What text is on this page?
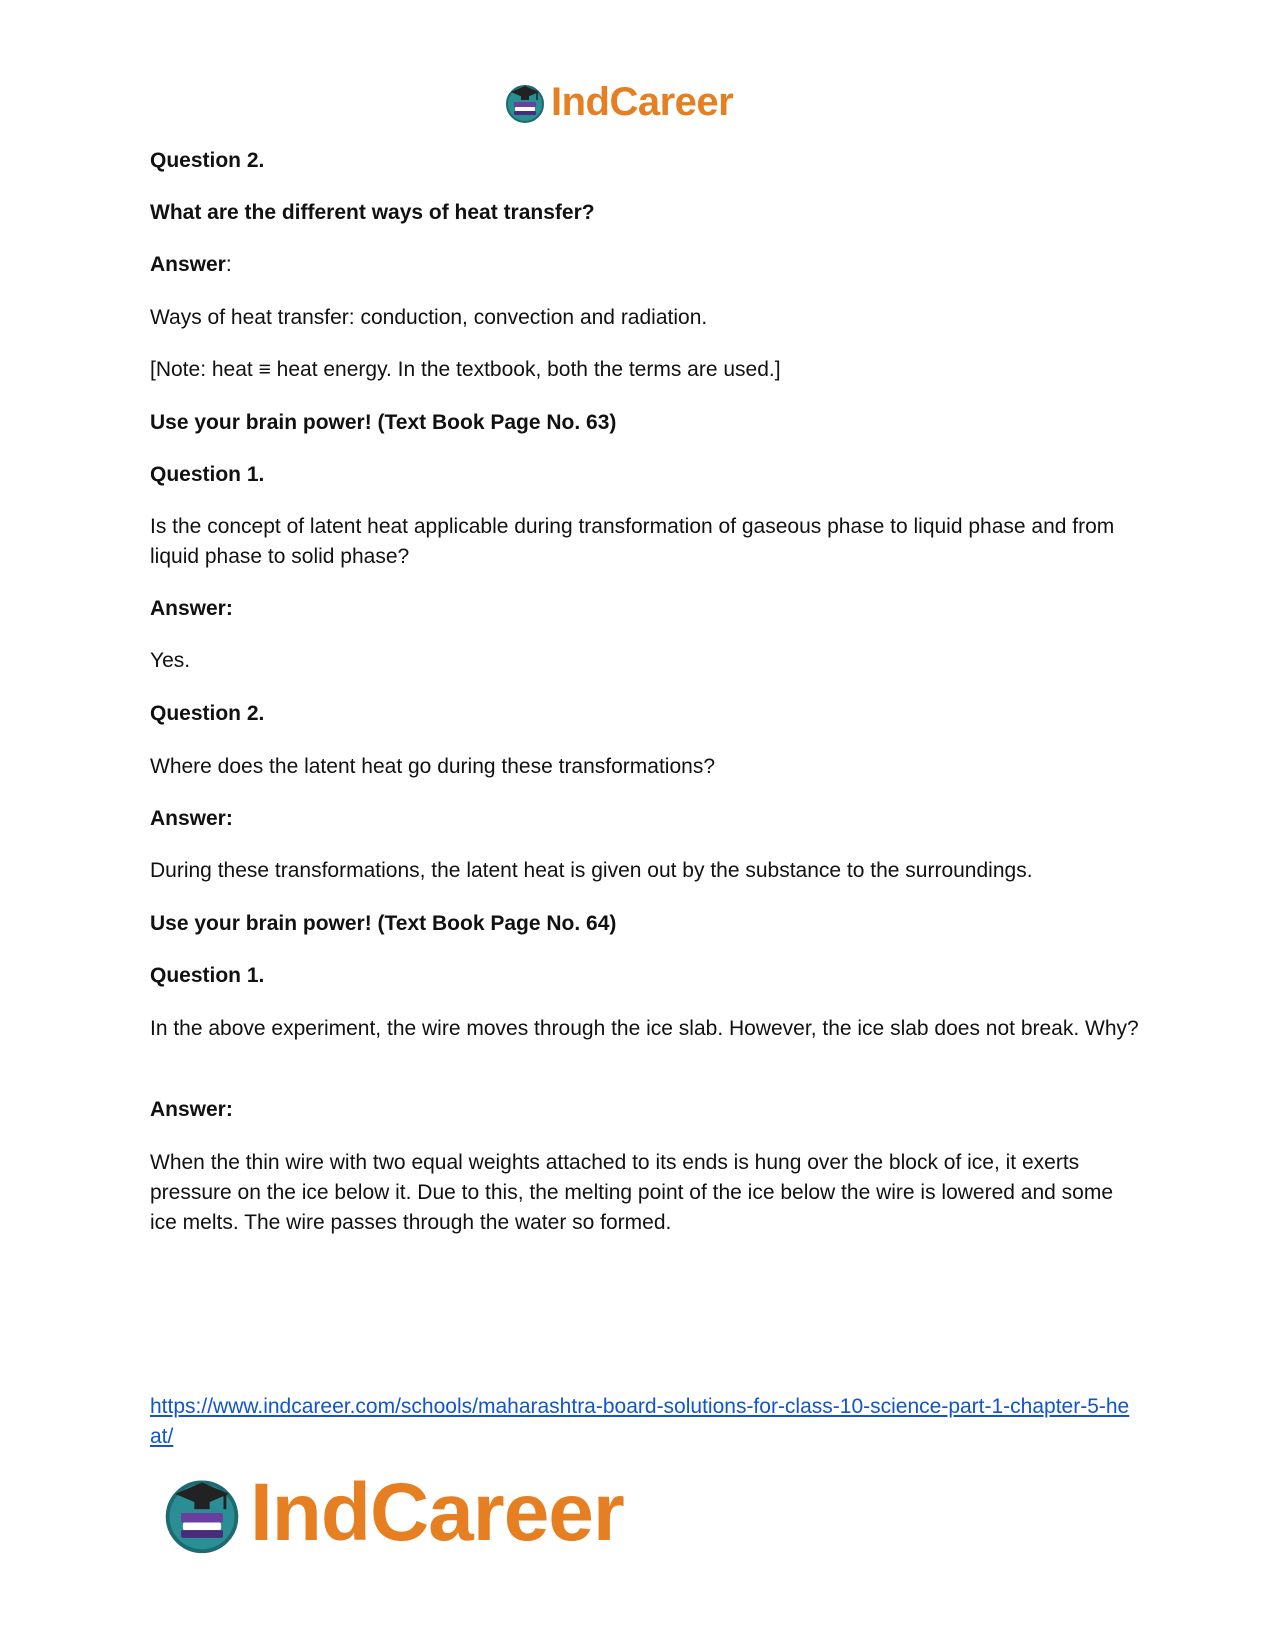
IndCareer

Question 2.

What are the different ways of heat transfer?

Answer:

Ways of heat transfer: conduction, convection and radiation.

[Note: heat ≡ heat energy. In the textbook, both the terms are used.]

Use your brain power! (Text Book Page No. 63)

Question 1.

Is the concept of latent heat applicable during transformation of gaseous phase to liquid phase and from liquid phase to solid phase?

Answer:

Yes.

Question 2.

Where does the latent heat go during these transformations?

Answer:

During these transformations, the latent heat is given out by the substance to the surroundings.

Use your brain power! (Text Book Page No. 64)

Question 1.

In the above experiment, the wire moves through the ice slab. However, the ice slab does not break. Why?

Answer:

When the thin wire with two equal weights attached to its ends is hung over the block of ice, it exerts pressure on the ice below it. Due to this, the melting point of the ice below the wire is lowered and some ice melts. The wire passes through the water so formed.

https://www.indcareer.com/schools/maharashtra-board-solutions-for-class-10-science-part-1-chapter-5-heat/
IndCareer
